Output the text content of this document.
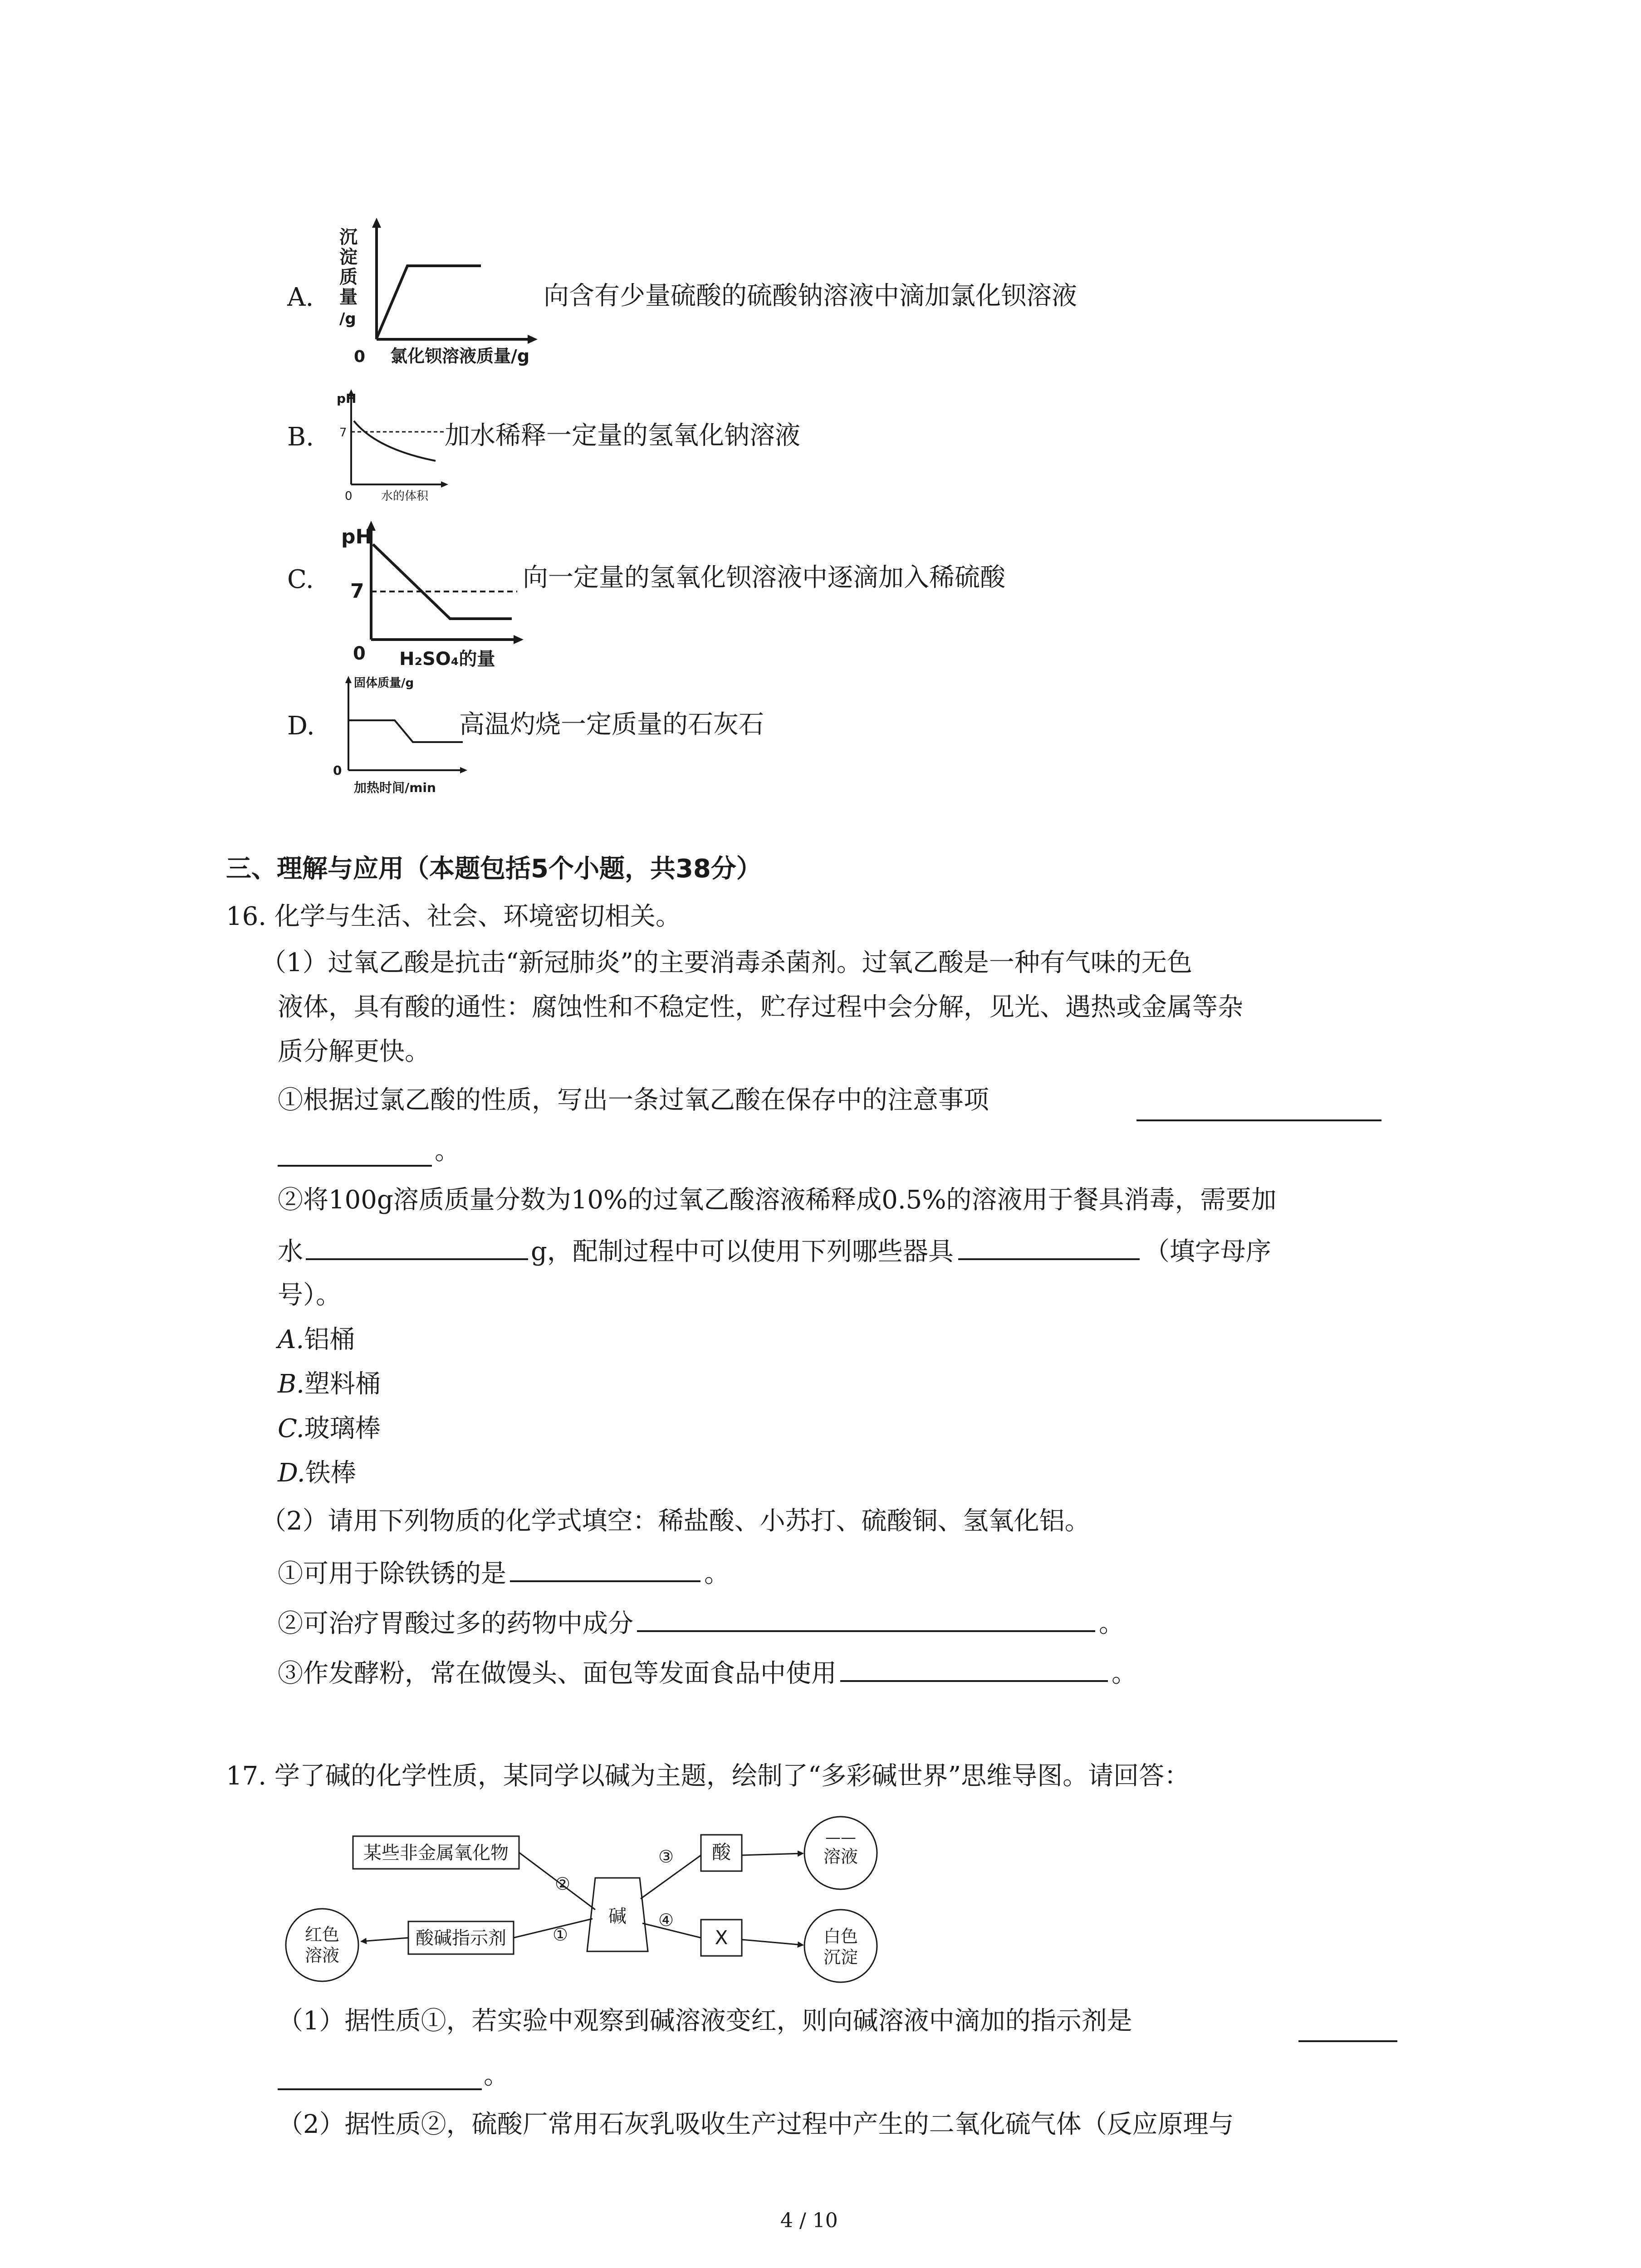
沉
淀
质
量
/g
0 氯化钡溶液质量/g
A.	向含有少量硫酸的硫酸钠溶液中滴加氯化钡溶液
pH
7
0 水的体积
B.	加水稀释一定量的氢氧化钠溶液
pH
7
0 H₂SO₄的量
C.	向一定量的氢氧化钡溶液中逐滴加入稀硫酸
固体质量/g
0
加热时间/min
D.	高温灼烧一定质量的石灰石
三、理解与应用（本题包括5个小题，共38分）
16. 化学与生活、社会、环境密切相关。
（1）过氧乙酸是抗击“新冠肺炎”的主要消毒杀菌剂。过氧乙酸是一种有气味的无色
液体，具有酸的通性：腐蚀性和不稳定性，贮存过程中会分解，见光、遇热或金属等杂
质分解更快。
①根据过氯乙酸的性质，写出一条过氧乙酸在保存中的注意事项
。
②将100g溶质质量分数为10%的过氧乙酸溶液稀释成0.5%的溶液用于餐具消毒，需要加
水	g，配制过程中可以使用下列哪些器具	（填字母序
号）。
A.铝桶
B.塑料桶
C.玻璃棒
D.铁棒
（2）请用下列物质的化学式填空：稀盐酸、小苏打、硫酸铜、氢氧化铝。
①可用于除铁锈的是	。
②可治疗胃酸过多的药物中成分	。
③作发酵粉，常在做馒头、面包等发面食品中使用	。
17. 学了碱的化学性质，某同学以碱为主题，绘制了“多彩碱世界”思维导图。请回答：
某些非金属氧化物
酸碱指示剂
碱
酸
X
红色
溶液
——
溶液
白色
沉淀
①
②
③
④
（1）据性质①，若实验中观察到碱溶液变红，则向碱溶液中滴加的指示剂是
。
（2）据性质②，硫酸厂常用石灰乳吸收生产过程中产生的二氧化硫气体（反应原理与
4 / 10
